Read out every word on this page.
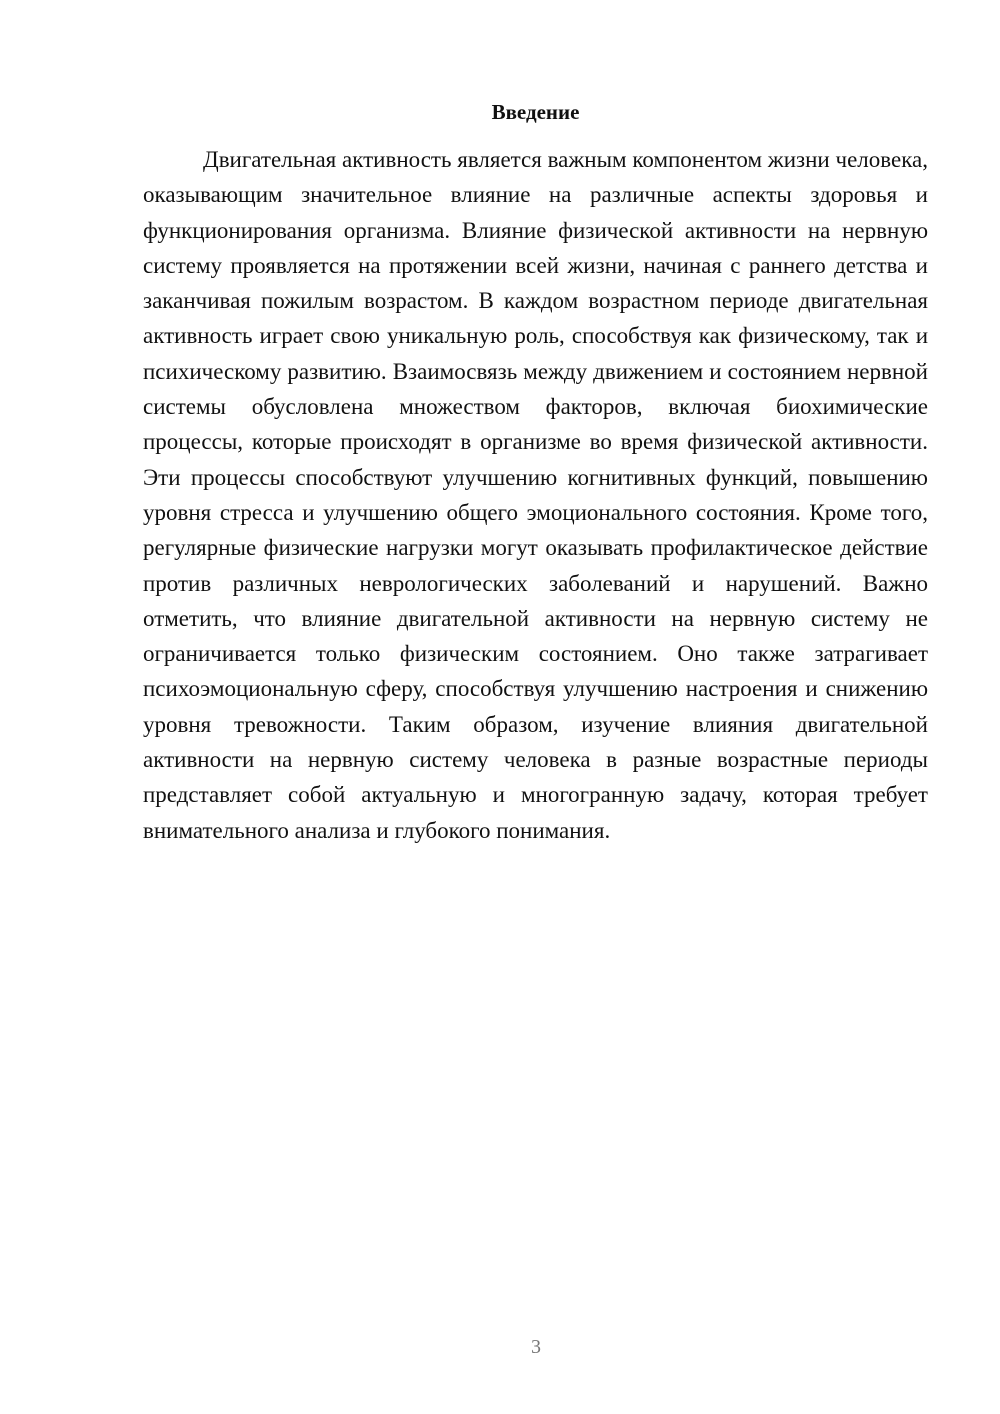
Введение

Двигательная активность является важным компонентом жизни человека, оказывающим значительное влияние на различные аспекты здоровья и функционирования организма. Влияние физической активности на нервную систему проявляется на протяжении всей жизни, начиная с раннего детства и заканчивая пожилым возрастом. В каждом возрастном периоде двигательная активность играет свою уникальную роль, способствуя как физическому, так и психическому развитию. Взаимосвязь между движением и состоянием нервной системы обусловлена множеством факторов, включая биохимические процессы, которые происходят в организме во время физической активности. Эти процессы способствуют улучшению когнитивных функций, повышению уровня стресса и улучшению общего эмоционального состояния. Кроме того, регулярные физические нагрузки могут оказывать профилактическое действие против различных неврологических заболеваний и нарушений. Важно отметить, что влияние двигательной активности на нервную систему не ограничивается только физическим состоянием. Оно также затрагивает психоэмоциональную сферу, способствуя улучшению настроения и снижению уровня тревожности. Таким образом, изучение влияния двигательной активности на нервную систему человека в разные возрастные периоды представляет собой актуальную и многогранную задачу, которая требует внимательного анализа и глубокого понимания.

3
